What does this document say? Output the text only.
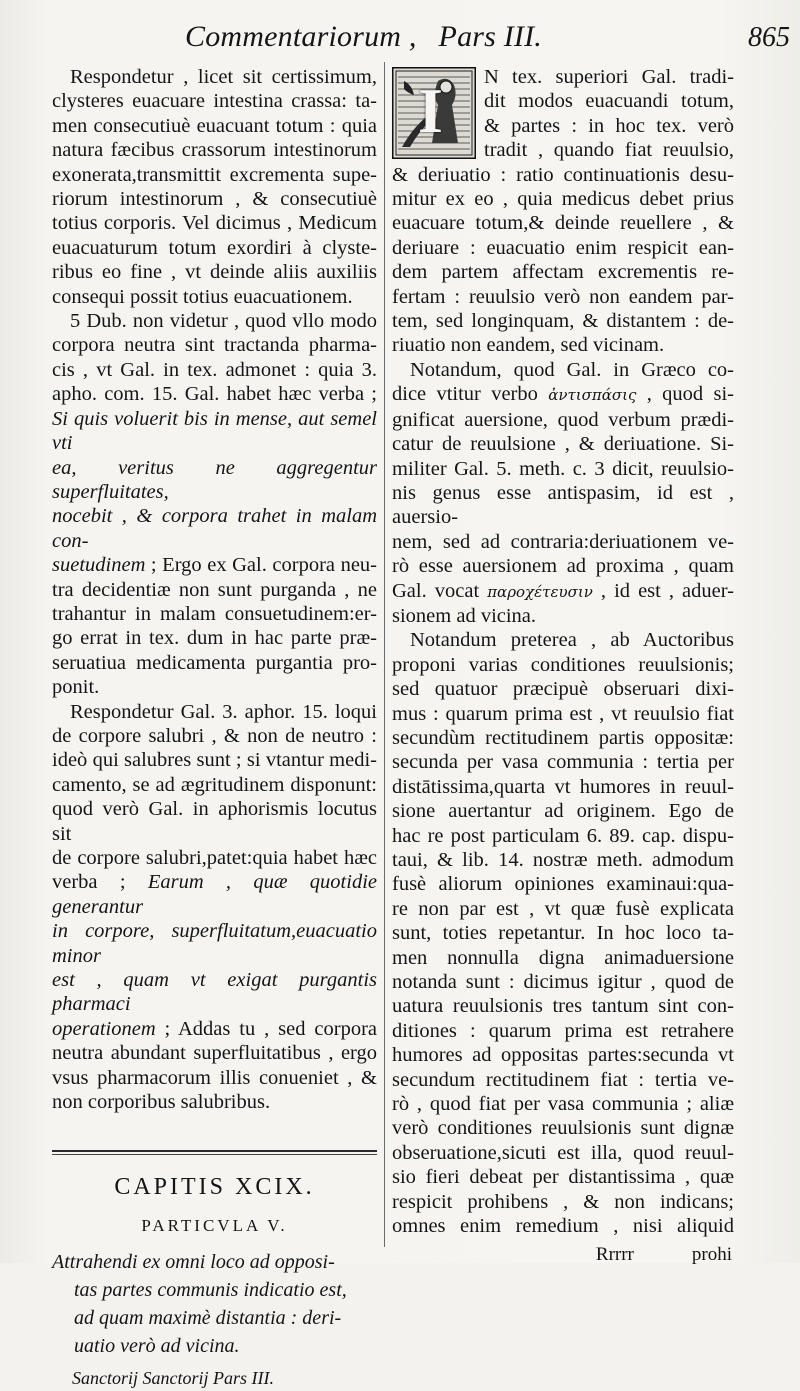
Commentariorum , Pars III.	865

Respondetur , licet sit certissimum,

clysteres euacuare intestina crassa: ta-

men consecutiuè euacuant totum : quia

natura fæcibus crassorum intestinorum

exonerata,transmittit excrementa supe-

riorum intestinorum , & consecutiuè

totius corporis. Vel dicimus , Medicum

euacuaturum totum exordiri à clyste-

ribus eo fine , vt deinde aliis auxiliis

consequi possit totius euacuationem.

5 Dub. non videtur , quod vllo modo

corpora neutra sint tractanda pharma-

cis , vt Gal. in tex. admonet : quia 3.

apho. com. 15. Gal. habet hæc verba ;

Si quis voluerit bis in mense, aut semel vti

ea, veritus ne aggregentur superfluitates,

nocebit , & corpora trahet in malam con-

suetudinem ; Ergo ex Gal. corpora neu-

tra decidentiæ non sunt purganda , ne

trahantur in malam consuetudinem:er-

go errat in tex. dum in hac parte præ-

seruatiua medicamenta purgantia pro-

ponit.

Respondetur Gal. 3. aphor. 15. loqui

de corpore salubri , & non de neutro :

ideò qui salubres sunt ; si vtantur medi-

camento, se ad ægritudinem disponunt:

quod verò Gal. in aphorismis locutus sit

de corpore salubri,patet:quia habet hæc

verba ; Earum , quæ quotidie generantur

in corpore, superfluitatum,euacuatio minor

est , quam vt exigat purgantis pharmaci

operationem ; Addas tu , sed corpora

neutra abundant superfluitatibus , ergo

vsus pharmacorum illis conueniet , &

non corporibus salubribus.

CAPITIS XCIX.
PARTICVLA V.

Attrahendi ex omni loco ad opposi-

tas partes communis indicatio est,

ad quam maximè distantia : deri-

uatio verò ad vicina.

Sanctorij Sanctorij Pars III.
I	N tex. superiori Gal. tradi-

dit modos euacuandi totum,

& partes : in hoc tex. verò

tradit , quando fiat reuulsio,

& deriuatio : ratio continuationis desu-

mitur ex eo , quia medicus debet prius

euacuare totum,& deinde reuellere , &

deriuare : euacuatio enim respicit ean-

dem partem affectam excrementis re-

fertam : reuulsio verò non eandem par-

tem, sed longinquam, & distantem : de-

riuatio non eandem, sed vicinam.

Notandum, quod Gal. in Græco co-

dice vtitur verbo ἀντισπάσις , quod si-

gnificat auersione, quod verbum prædi-

catur de reuulsione , & deriuatione. Si-

militer Gal. 5. meth. c. 3 dicit, reuulsio-

nis genus esse antispasim, id est , auersio-

nem, sed ad contraria:deriuationem ve-

rò esse auersionem ad proxima , quam

Gal. vocat παροχέτευσιν , id est , aduer-

sionem ad vicina.

Notandum preterea , ab Auctoribus

proponi varias conditiones reuulsionis;

sed quatuor præcipuè obseruari dixi-

mus : quarum prima est , vt reuulsio fiat

secundùm rectitudinem partis oppositæ:

secunda per vasa communia : tertia per

distātissima,quarta vt humores in reuul-

sione auertantur ad originem. Ego de

hac re post particulam 6. 89. cap. dispu-

taui, & lib. 14. nostræ meth. admodum

fusè aliorum opiniones examinaui:qua-

re non par est , vt quæ fusè explicata

sunt, toties repetantur. In hoc loco ta-

men nonnulla digna animaduersione

notanda sunt : dicimus igitur , quod de

uatura reuulsionis tres tantum sint con-

ditiones : quarum prima est retrahere

humores ad oppositas partes:secunda vt

secundum rectitudinem fiat : tertia ve-

rò , quod fiat per vasa communia ; aliæ

verò conditiones reuulsionis sunt dignæ

obseruatione,sicuti est illa, quod reuul-

sio fieri debeat per distantissima , quæ

respicit prohibens , & non indicans;

omnes enim remedium , nisi aliquid

Rrrrr	prohi
